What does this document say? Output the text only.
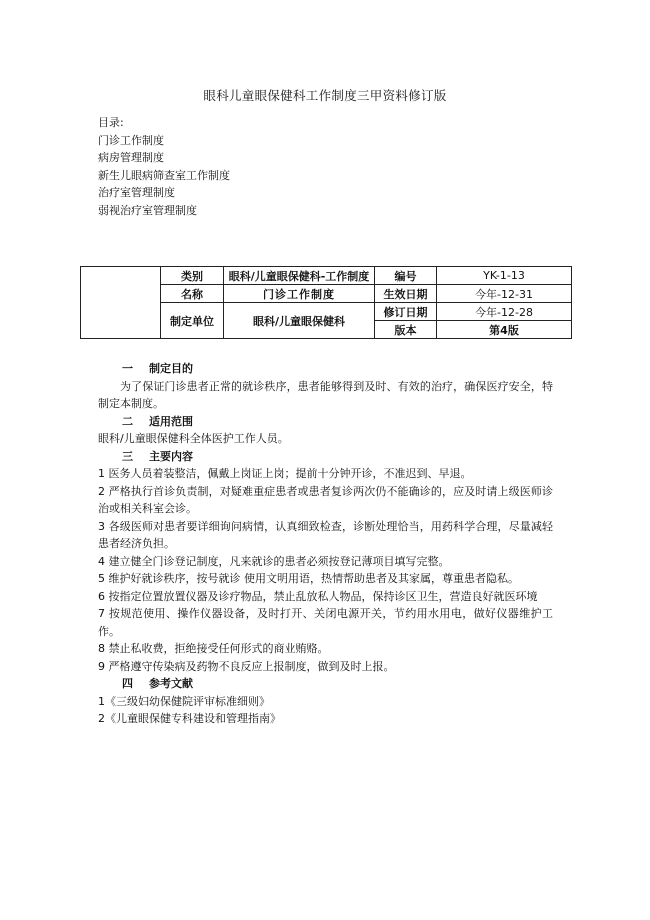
眼科儿童眼保健科工作制度三甲资料修订版
目录:
门诊工作制度
病房管理制度
新生儿眼病筛查室工作制度
治疗室管理制度
弱视治疗室管理制度
	类别	眼科/儿童眼保健科-工作制度	编号	YK-1-13
	名称	门诊工作制度	生效日期	今年-12-31
	制定单位	眼科/儿童眼保健科	修订日期	今年-12-28
			版本	第4版
一 制定目的
为了保证门诊患者正常的就诊秩序，患者能够得到及时、有效的治疗，确保医疗安全，特制定本制度。
二 适用范围
眼科/儿童眼保健科全体医护工作人员。
三 主要内容
1 医务人员着装整洁，佩戴上岗证上岗；提前十分钟开诊，不准迟到、早退。
2 严格执行首诊负责制，对疑难重症患者或患者复诊两次仍不能确诊的，应及时请上级医师诊治或相关科室会诊。
3 各级医师对患者要详细询问病情，认真细致检查，诊断处理恰当，用药科学合理，尽量减轻患者经济负担。
4 建立健全门诊登记制度，凡来就诊的患者必须按登记薄项目填写完整。
5 维护好就诊秩序，按号就诊 使用文明用语，热情帮助患者及其家属，尊重患者隐私。
6 按指定位置放置仪器及诊疗物品，禁止乱放私人物品，保持诊区卫生，营造良好就医环境
7 按规范使用、操作仪器设备，及时打开、关闭电源开关，节约用水用电，做好仪器维护工作。
8 禁止私收费，拒绝接受任何形式的商业贿赂。
9 严格遵守传染病及药物不良反应上报制度，做到及时上报。
四 参考文献
1《三级妇幼保健院评审标准细则》
2《儿童眼保健专科建设和管理指南》
